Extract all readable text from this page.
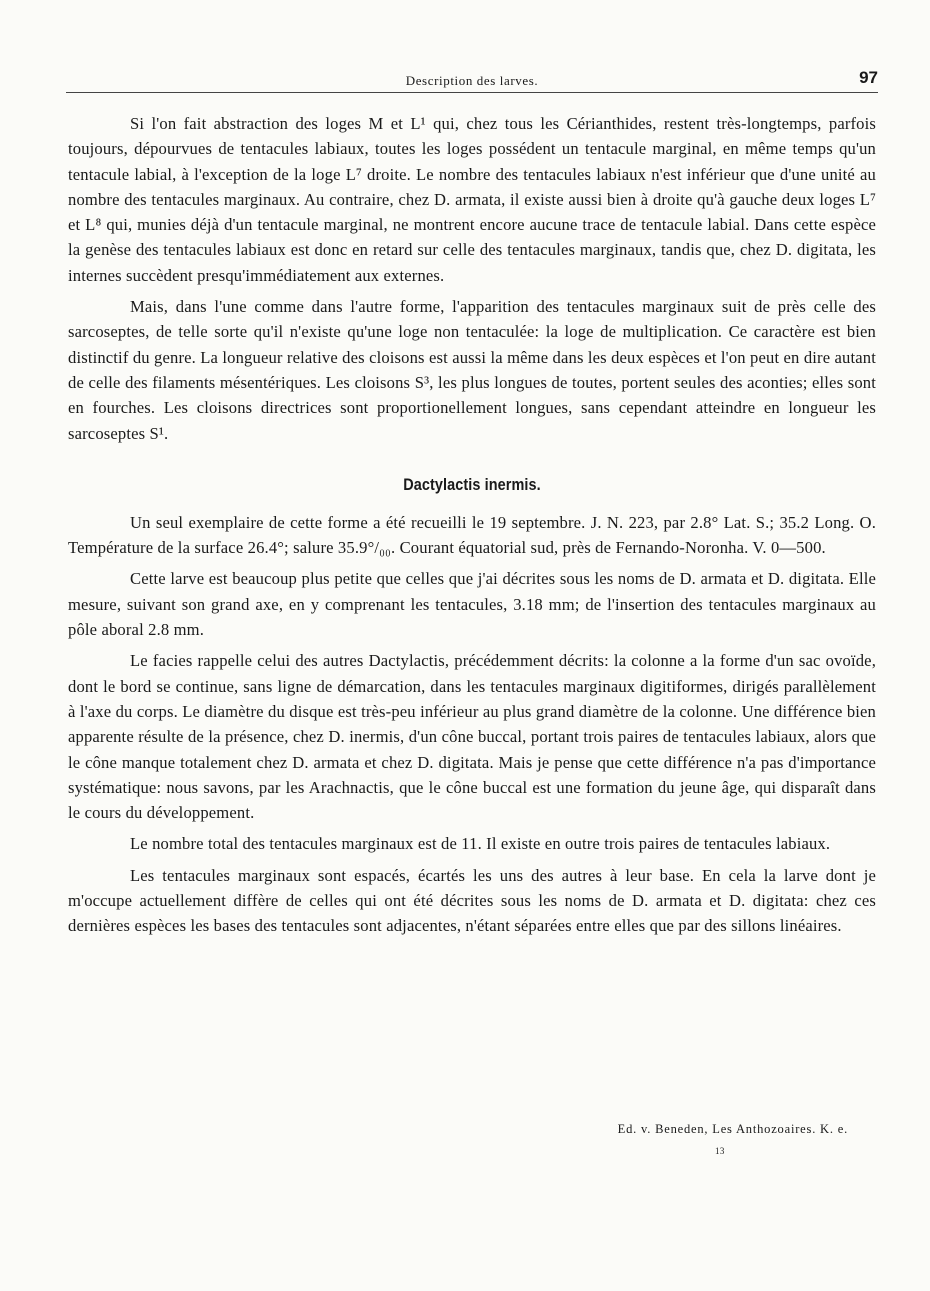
Description des larves.	97

Si l'on fait abstraction des loges M et L¹ qui, chez tous les Cérianthides, restent très-longtemps, parfois toujours, dépourvues de tentacules labiaux, toutes les loges possédent un tentacule marginal, en même temps qu'un tentacule labial, à l'exception de la loge L⁷ droite. Le nombre des tentacules labiaux n'est inférieur que d'une unité au nombre des tentacules marginaux. Au contraire, chez D. armata, il existe aussi bien à droite qu'à gauche deux loges L⁷ et L⁸ qui, munies déjà d'un tentacule marginal, ne montrent encore aucune trace de tentacule labial. Dans cette espèce la genèse des tentacules labiaux est donc en retard sur celle des tentacules marginaux, tandis que, chez D. digitata, les internes succèdent presqu'immédiatement aux externes.

Mais, dans l'une comme dans l'autre forme, l'apparition des tentacules marginaux suit de près celle des sarcoseptes, de telle sorte qu'il n'existe qu'une loge non tentaculée: la loge de multiplication. Ce caractère est bien distinctif du genre. La longueur relative des cloisons est aussi la même dans les deux espèces et l'on peut en dire autant de celle des filaments mésentériques. Les cloisons S³, les plus longues de toutes, portent seules des aconties; elles sont en fourches. Les cloisons directrices sont proportionellement longues, sans cependant atteindre en longueur les sarcoseptes S¹.

Dactylactis inermis.

Un seul exemplaire de cette forme a été recueilli le 19 septembre. J. N. 223, par 2.8° Lat. S.; 35.2 Long. O. Température de la surface 26.4°; salure 35.9°/₀₀. Courant équatorial sud, près de Fernando-Noronha. V. 0—500.

Cette larve est beaucoup plus petite que celles que j'ai décrites sous les noms de D. armata et D. digitata. Elle mesure, suivant son grand axe, en y comprenant les tentacules, 3.18 mm; de l'insertion des tentacules marginaux au pôle aboral 2.8 mm.

Le facies rappelle celui des autres Dactylactis, précédemment décrits: la colonne a la forme d'un sac ovoïde, dont le bord se continue, sans ligne de démarcation, dans les tentacules marginaux digitiformes, dirigés parallèlement à l'axe du corps. Le diamètre du disque est très-peu inférieur au plus grand diamètre de la colonne. Une différence bien apparente résulte de la présence, chez D. inermis, d'un cône buccal, portant trois paires de tentacules labiaux, alors que le cône manque totalement chez D. armata et chez D. digitata. Mais je pense que cette différence n'a pas d'importance systématique: nous savons, par les Arachnactis, que le cône buccal est une formation du jeune âge, qui disparaît dans le cours du développement.

Le nombre total des tentacules marginaux est de 11. Il existe en outre trois paires de tentacules labiaux.

Les tentacules marginaux sont espacés, écartés les uns des autres à leur base. En cela la larve dont je m'occupe actuellement diffère de celles qui ont été décrites sous les noms de D. armata et D. digitata: chez ces dernières espèces les bases des tentacules sont adjacentes, n'étant séparées entre elles que par des sillons linéaires.

Ed. v. Beneden, Les Anthozoaires. K. e.
13
